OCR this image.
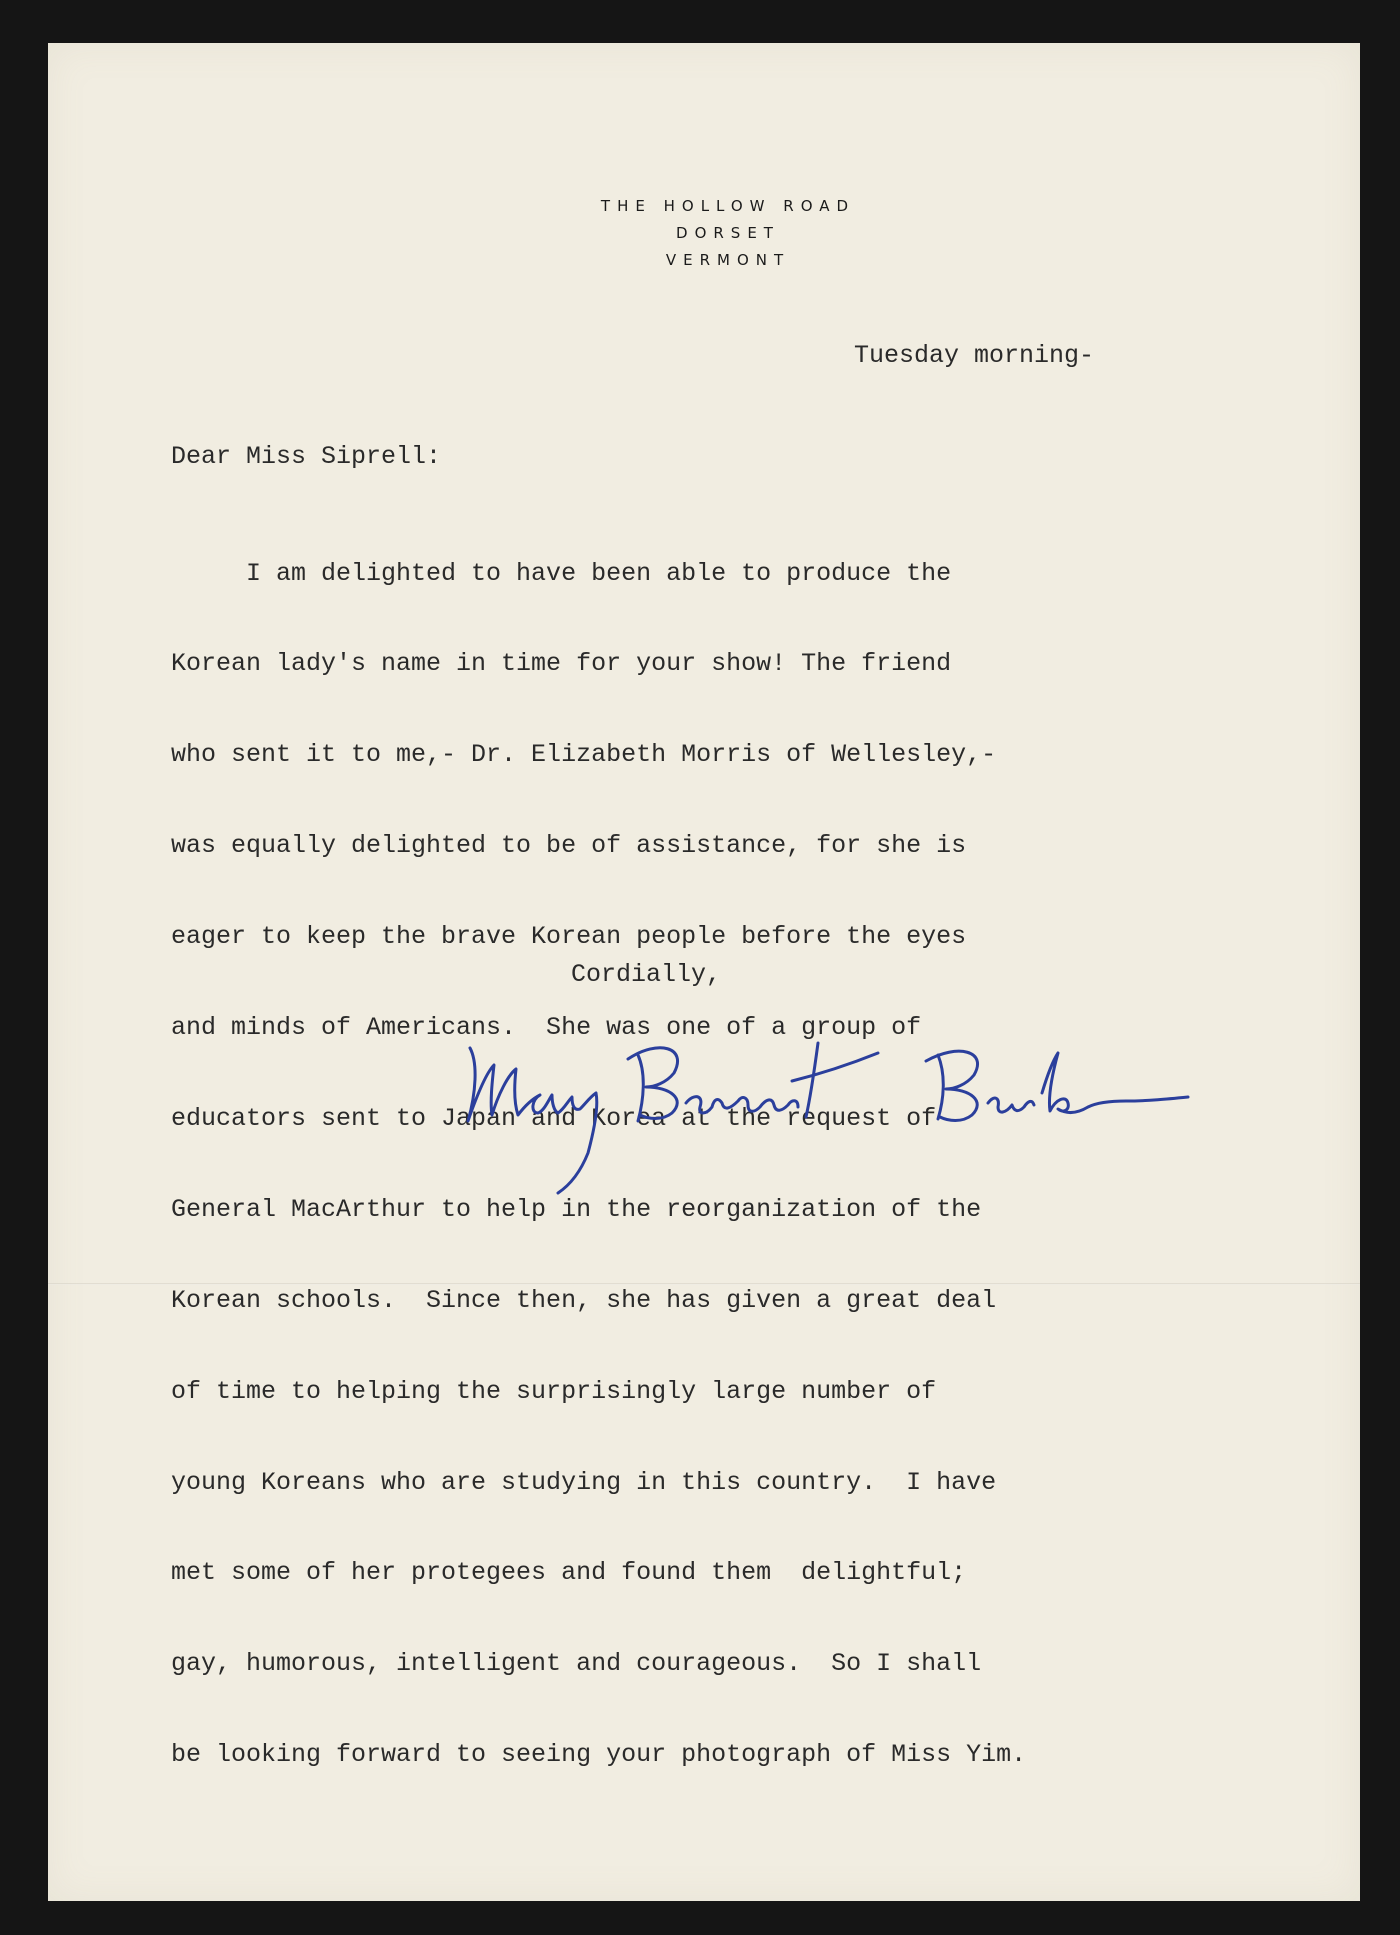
THE HOLLOW ROAD
DORSET
VERMONT
Tuesday morning-
Dear Miss Siprell:

I am delighted to have been able to produce the

Korean lady's name in time for your show! The friend

who sent it to me,- Dr. Elizabeth Morris of Wellesley,-

was equally delighted to be of assistance, for she is

eager to keep the brave Korean people before the eyes

and minds of Americans.  She was one of a group of

educators sent to Japan and Korea at the request of

General MacArthur to help in the reorganization of the

Korean schools.  Since then, she has given a great deal

of time to helping the surprisingly large number of

young Koreans who are studying in this country.  I have

met some of her protegees and found them  delightful;

gay, humorous, intelligent and courageous.  So I shall

be looking forward to seeing your photograph of Miss Yim.

Cordially,
